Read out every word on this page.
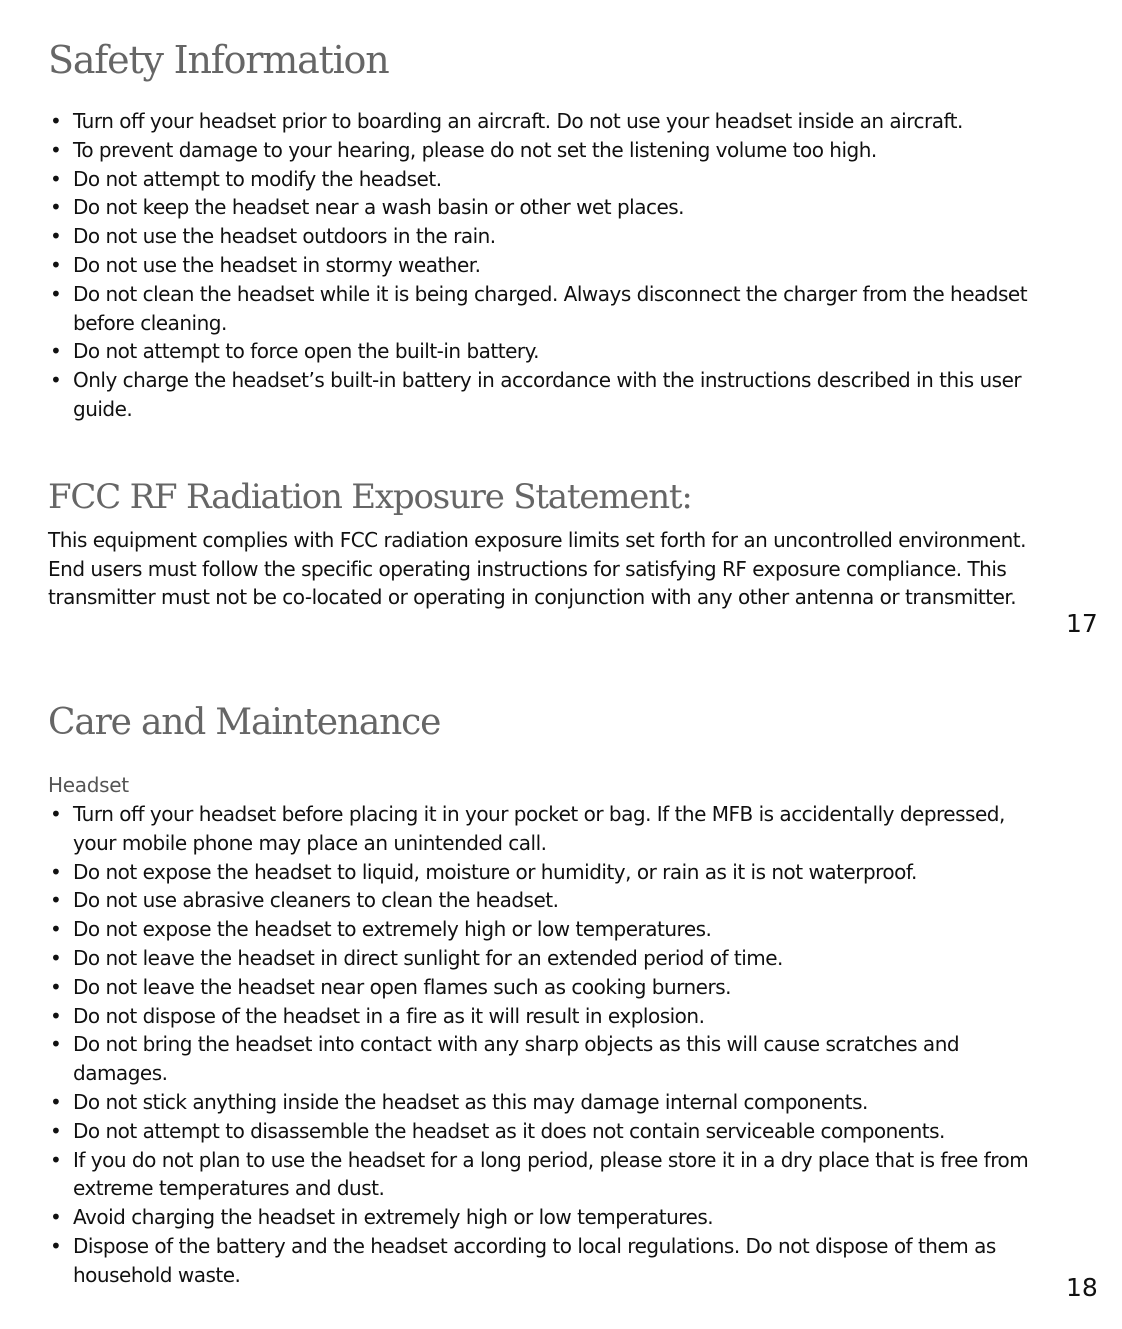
Safety Information
• Turn off your headset prior to boarding an aircraft. Do not use your headset inside an aircraft.
• To prevent damage to your hearing, please do not set the listening volume too high.
• Do not attempt to modify the headset.
• Do not keep the headset near a wash basin or other wet places.
• Do not use the headset outdoors in the rain.
• Do not use the headset in stormy weather.
• Do not clean the headset while it is being charged. Always disconnect the charger from the headset before cleaning.
• Do not attempt to force open the built-in battery.
• Only charge the headset’s built-in battery in accordance with the instructions described in this user guide.
FCC RF Radiation Exposure Statement:

This equipment complies with FCC radiation exposure limits set forth for an uncontrolled environment. End users must follow the specific operating instructions for satisfying RF exposure compliance. This transmitter must not be co-located or operating in conjunction with any other antenna or transmitter.

17
Care and Maintenance
Headset
• Turn off your headset before placing it in your pocket or bag. If the MFB is accidentally depressed, your mobile phone may place an unintended call.
• Do not expose the headset to liquid, moisture or humidity, or rain as it is not waterproof.
• Do not use abrasive cleaners to clean the headset.
• Do not expose the headset to extremely high or low temperatures.
• Do not leave the headset in direct sunlight for an extended period of time.
• Do not leave the headset near open flames such as cooking burners.
• Do not dispose of the headset in a fire as it will result in explosion.
• Do not bring the headset into contact with any sharp objects as this will cause scratches and damages.
• Do not stick anything inside the headset as this may damage internal components.
• Do not attempt to disassemble the headset as it does not contain serviceable components.
• If you do not plan to use the headset for a long period, please store it in a dry place that is free from extreme temperatures and dust.
• Avoid charging the headset in extremely high or low temperatures.
• Dispose of the battery and the headset according to local regulations. Do not dispose of them as household waste.	18
